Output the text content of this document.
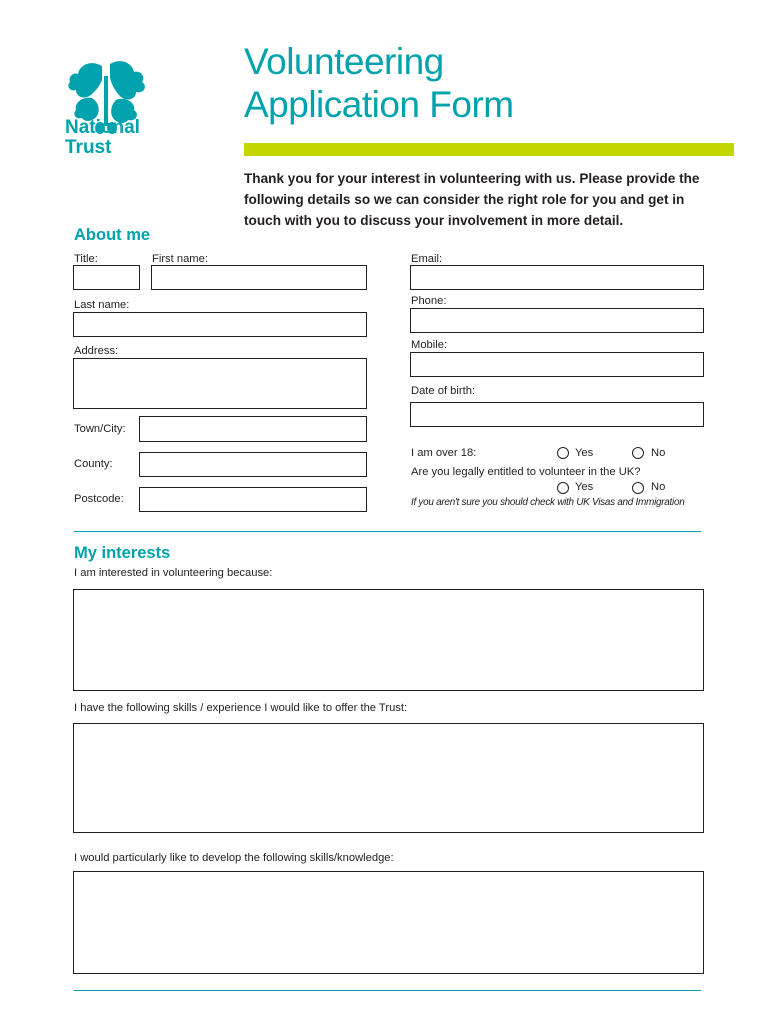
National
Trust
Volunteering
Application Form
Thank you for your interest in volunteering with us. Please provide the following details so we can consider the right role for you and get in touch with you to discuss your involvement in more detail.
About me
Title:	First name:
Last name:
Address:
Town/City:
County:
Postcode:
Email:
Phone:
Mobile:
Date of birth:
I am over 18:	Yes	No
Are you legally entitled to volunteer in the UK?
Yes	No
If you aren't sure you should check with UK Visas and Immigration
My interests
I am interested in volunteering because:
I have the following skills / experience I would like to offer the Trust:
I would particularly like to develop the following skills/knowledge:
